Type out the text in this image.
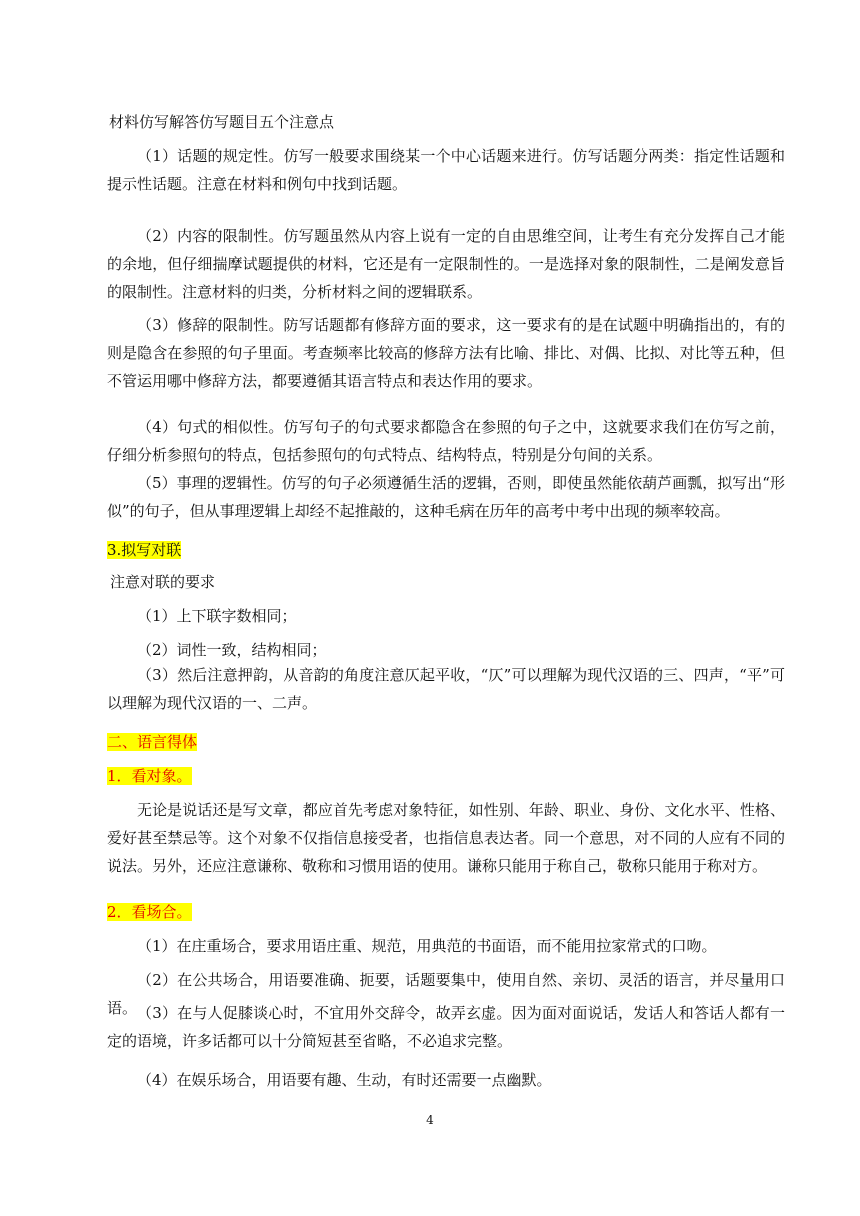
材料仿写解答仿写题目五个注意点

（1）话题的规定性。仿写一般要求围绕某一个中心话题来进行。仿写话题分两类：指定性话题和提示性话题。注意在材料和例句中找到话题。

（2）内容的限制性。仿写题虽然从内容上说有一定的自由思维空间，让考生有充分发挥自己才能的余地，但仔细揣摩试题提供的材料，它还是有一定限制性的。一是选择对象的限制性，二是阐发意旨的限制性。注意材料的归类，分析材料之间的逻辑联系。

（3）修辞的限制性。防写话题都有修辞方面的要求，这一要求有的是在试题中明确指出的，有的则是隐含在参照的句子里面。考查频率比较高的修辞方法有比喻、排比、对偶、比拟、对比等五种，但不管运用哪中修辞方法，都要遵循其语言特点和表达作用的要求。

（4）句式的相似性。仿写句子的句式要求都隐含在参照的句子之中，这就要求我们在仿写之前，仔细分析参照句的特点，包括参照句的句式特点、结构特点，特别是分句间的关系。

（5）事理的逻辑性。仿写的句子必须遵循生活的逻辑，否则，即使虽然能依葫芦画瓢，拟写出“形似”的句子，但从事理逻辑上却经不起推敲的，这种毛病在历年的高考中考中出现的频率较高。

3.拟写对联

注意对联的要求

（1）上下联字数相同；

（2）词性一致，结构相同；

（3）然后注意押韵，从音韵的角度注意仄起平收，“仄”可以理解为现代汉语的三、四声，“平”可以理解为现代汉语的一、二声。

二、语言得体

1．看对象。

无论是说话还是写文章，都应首先考虑对象特征，如性别、年龄、职业、身份、文化水平、性格、爱好甚至禁忌等。这个对象不仅指信息接受者，也指信息表达者。同一个意思，对不同的人应有不同的说法。另外，还应注意谦称、敬称和习惯用语的使用。谦称只能用于称自己，敬称只能用于称对方。

2．看场合。

（1）在庄重场合，要求用语庄重、规范，用典范的书面语，而不能用拉家常式的口吻。

（2）在公共场合，用语要准确、扼要，话题要集中，使用自然、亲切、灵活的语言，并尽量用口语。 （3）在与人促膝谈心时，不宜用外交辞令，故弄玄虚。因为面对面说话，发话人和答话人都有一定的语境，许多话都可以十分简短甚至省略，不必追求完整。

（4）在娱乐场合，用语要有趣、生动，有时还需要一点幽默。

4
